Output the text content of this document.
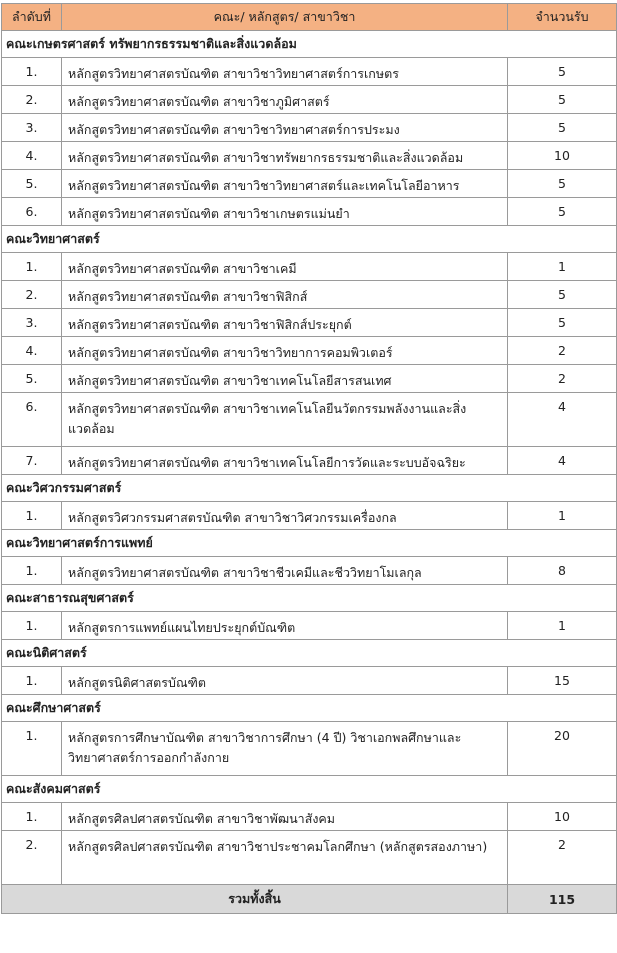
ลำดับที่	คณะ/ หลักสูตร/ สาขาวิชา	จำนวนรับ
คณะเกษตรศาสตร์ ทรัพยากรธรรมชาติและสิ่งแวดล้อม		
1.	หลักสูตรวิทยาศาสตรบัณฑิต สาขาวิชาวิทยาศาสตร์การเกษตร	5
2.	หลักสูตรวิทยาศาสตรบัณฑิต สาขาวิชาภูมิศาสตร์	5
3.	หลักสูตรวิทยาศาสตรบัณฑิต สาขาวิชาวิทยาศาสตร์การประมง	5
4.	หลักสูตรวิทยาศาสตรบัณฑิต สาขาวิชาทรัพยากรธรรมชาติและสิ่งแวดล้อม	10
5.	หลักสูตรวิทยาศาสตรบัณฑิต สาขาวิชาวิทยาศาสตร์และเทคโนโลยีอาหาร	5
6.	หลักสูตรวิทยาศาสตรบัณฑิต สาขาวิชาเกษตรแม่นยำ	5
คณะวิทยาศาสตร์		
1.	หลักสูตรวิทยาศาสตรบัณฑิต สาขาวิชาเคมี	1
2.	หลักสูตรวิทยาศาสตรบัณฑิต สาขาวิชาฟิสิกส์	5
3.	หลักสูตรวิทยาศาสตรบัณฑิต สาขาวิชาฟิสิกส์ประยุกต์	5
4.	หลักสูตรวิทยาศาสตรบัณฑิต สาขาวิชาวิทยาการคอมพิวเตอร์	2
5.	หลักสูตรวิทยาศาสตรบัณฑิต สาขาวิชาเทคโนโลยีสารสนเทศ	2
6.	หลักสูตรวิทยาศาสตรบัณฑิต สาขาวิชาเทคโนโลยีนวัตกรรมพลังงานและสิ่งแวดล้อม	4
7.	หลักสูตรวิทยาศาสตรบัณฑิต สาขาวิชาเทคโนโลยีการวัดและระบบอัจฉริยะ	4
คณะวิศวกรรมศาสตร์		
1.	หลักสูตรวิศวกรรมศาสตรบัณฑิต สาขาวิชาวิศวกรรมเครื่องกล	1
คณะวิทยาศาสตร์การแพทย์		
1.	หลักสูตรวิทยาศาสตรบัณฑิต สาขาวิชาชีวเคมีและชีววิทยาโมเลกุล	8
คณะสาธารณสุขศาสตร์		
1.	หลักสูตรการแพทย์แผนไทยประยุกต์บัณฑิต	1
คณะนิติศาสตร์		
1.	หลักสูตรนิติศาสตรบัณฑิต	15
คณะศึกษาศาสตร์		
1.	หลักสูตรการศึกษาบัณฑิต สาขาวิชาการศึกษา (4 ปี) วิชาเอกพลศึกษาและวิทยาศาสตร์การออกกำลังกาย	20
คณะสังคมศาสตร์		
1.	หลักสูตรศิลปศาสตรบัณฑิต สาขาวิชาพัฒนาสังคม	10
2.	หลักสูตรศิลปศาสตรบัณฑิต สาขาวิชาประชาคมโลกศึกษา (หลักสูตรสองภาษา)	2
รวมทั้งสิ้น		115
